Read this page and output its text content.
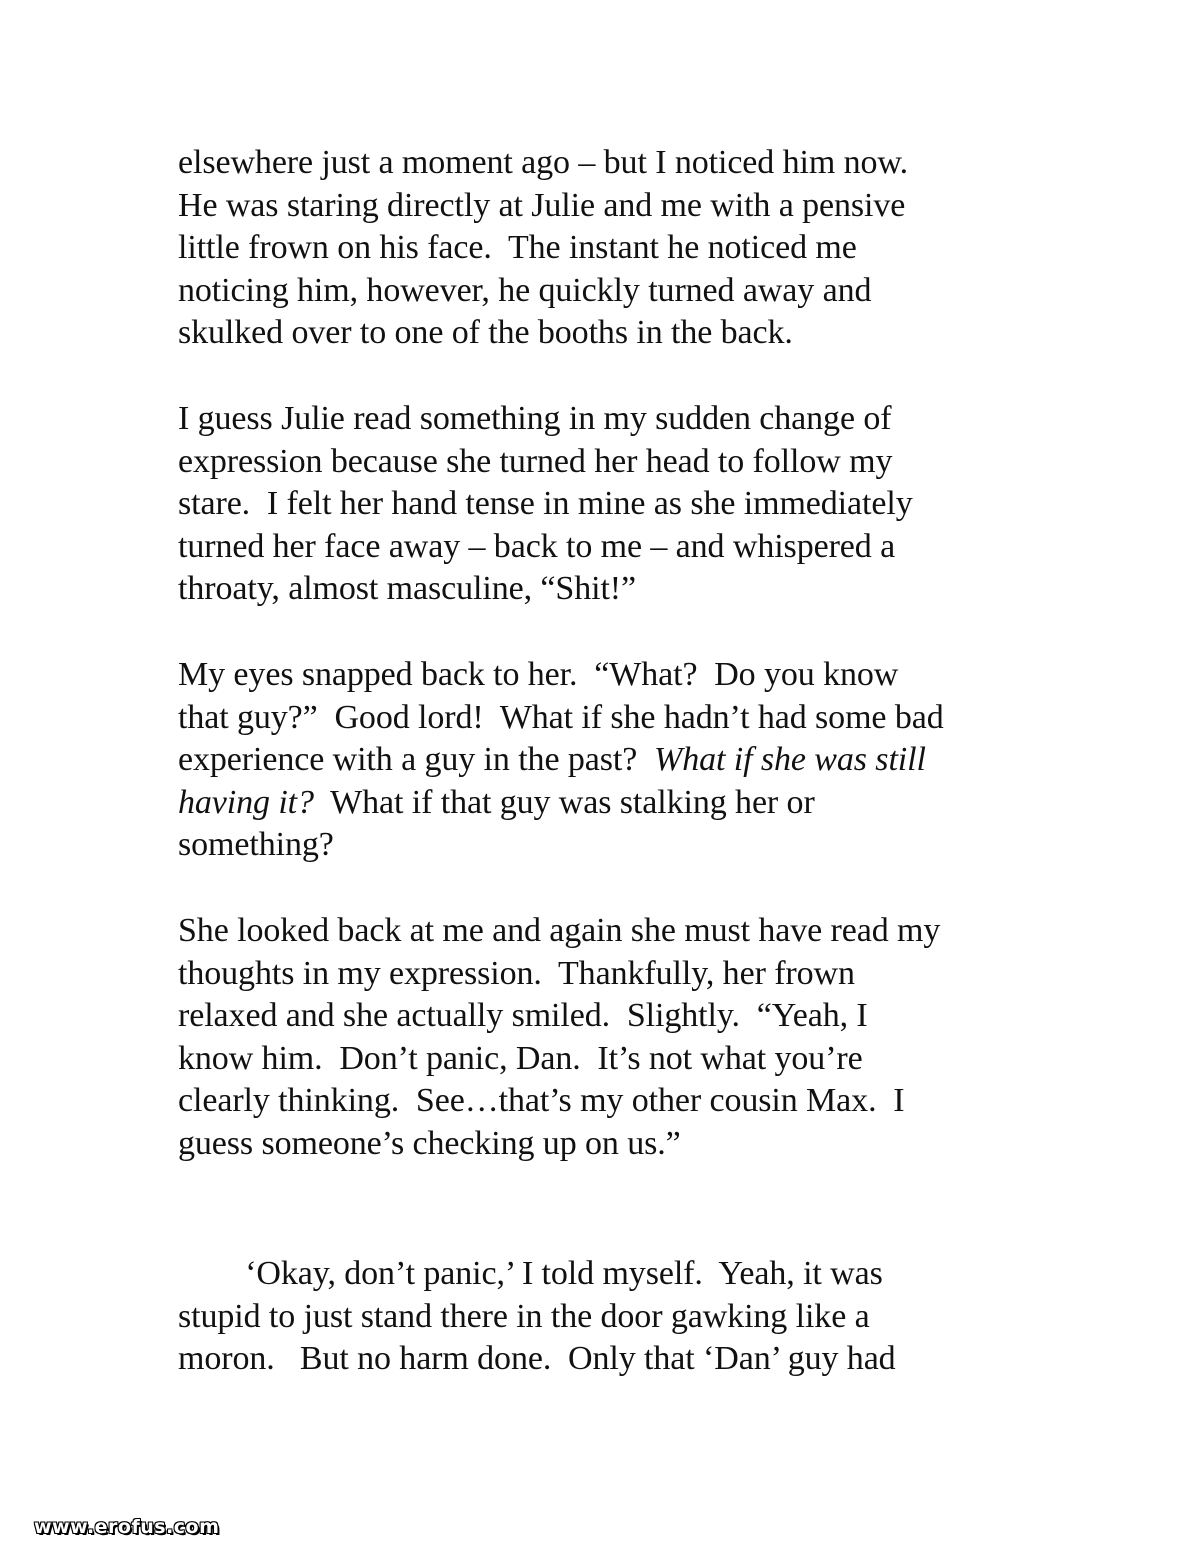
elsewhere just a moment ago – but I noticed him now.
He was staring directly at Julie and me with a pensive
little frown on his face.  The instant he noticed me
noticing him, however, he quickly turned away and
skulked over to one of the booths in the back.
I guess Julie read something in my sudden change of
expression because she turned her head to follow my
stare.  I felt her hand tense in mine as she immediately
turned her face away – back to me – and whispered a
throaty, almost masculine, “Shit!”
My eyes snapped back to her.  “What?  Do you know
that guy?”  Good lord!  What if she hadn’t had some bad
experience with a guy in the past?  What if she was still
having it?  What if that guy was stalking her or
something?
She looked back at me and again she must have read my
thoughts in my expression.  Thankfully, her frown
relaxed and she actually smiled.  Slightly.  “Yeah, I
know him.  Don’t panic, Dan.  It’s not what you’re
clearly thinking.  See…that’s my other cousin Max.  I
guess someone’s checking up on us.”
‘Okay, don’t panic,’ I told myself.  Yeah, it was
stupid to just stand there in the door gawking like a
moron.   But no harm done.  Only that ‘Dan’ guy had
www.erofus.com
